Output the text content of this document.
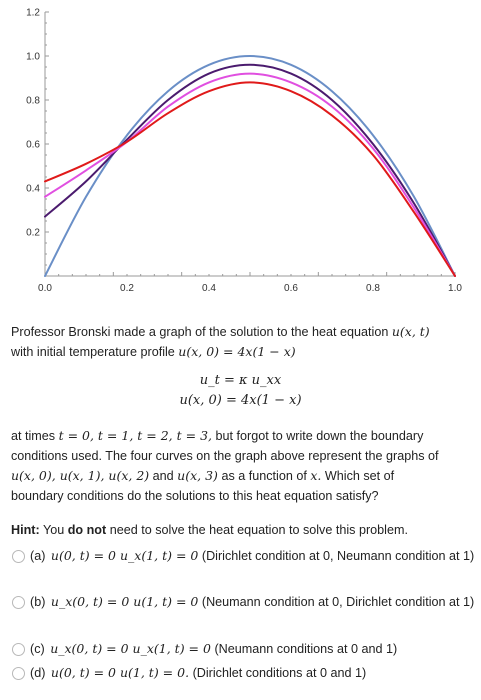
0.0	0.2	0.4	0.6	0.8	1.0
0.2
0.4
0.6
0.8
1.0
1.2
Professor Bronski made a graph of the solution to the heat equation u(x, t)
with initial temperature profile u(x, 0) = 4x(1 − x)
u_t = κ u_xx
u(x, 0) = 4x(1 − x)
at times t = 0, t = 1, t = 2, t = 3, but forgot to write down the boundary
conditions used. The four curves on the graph above represent the graphs of
u(x, 0), u(x, 1), u(x, 2) and u(x, 3) as a function of x. Which set of
boundary conditions do the solutions to this heat equation satisfy?
Hint: You do not need to solve the heat equation to solve this problem.
(a) u(0, t) = 0 u_x(1, t) = 0 (Dirichlet condition at 0, Neumann condition at 1)
(b) u_x(0, t) = 0 u(1, t) = 0 (Neumann condition at 0, Dirichlet condition at 1)
(c) u_x(0, t) = 0 u_x(1, t) = 0 (Neumann conditions at 0 and 1)
(d) u(0, t) = 0 u(1, t) = 0. (Dirichlet conditions at 0 and 1)
